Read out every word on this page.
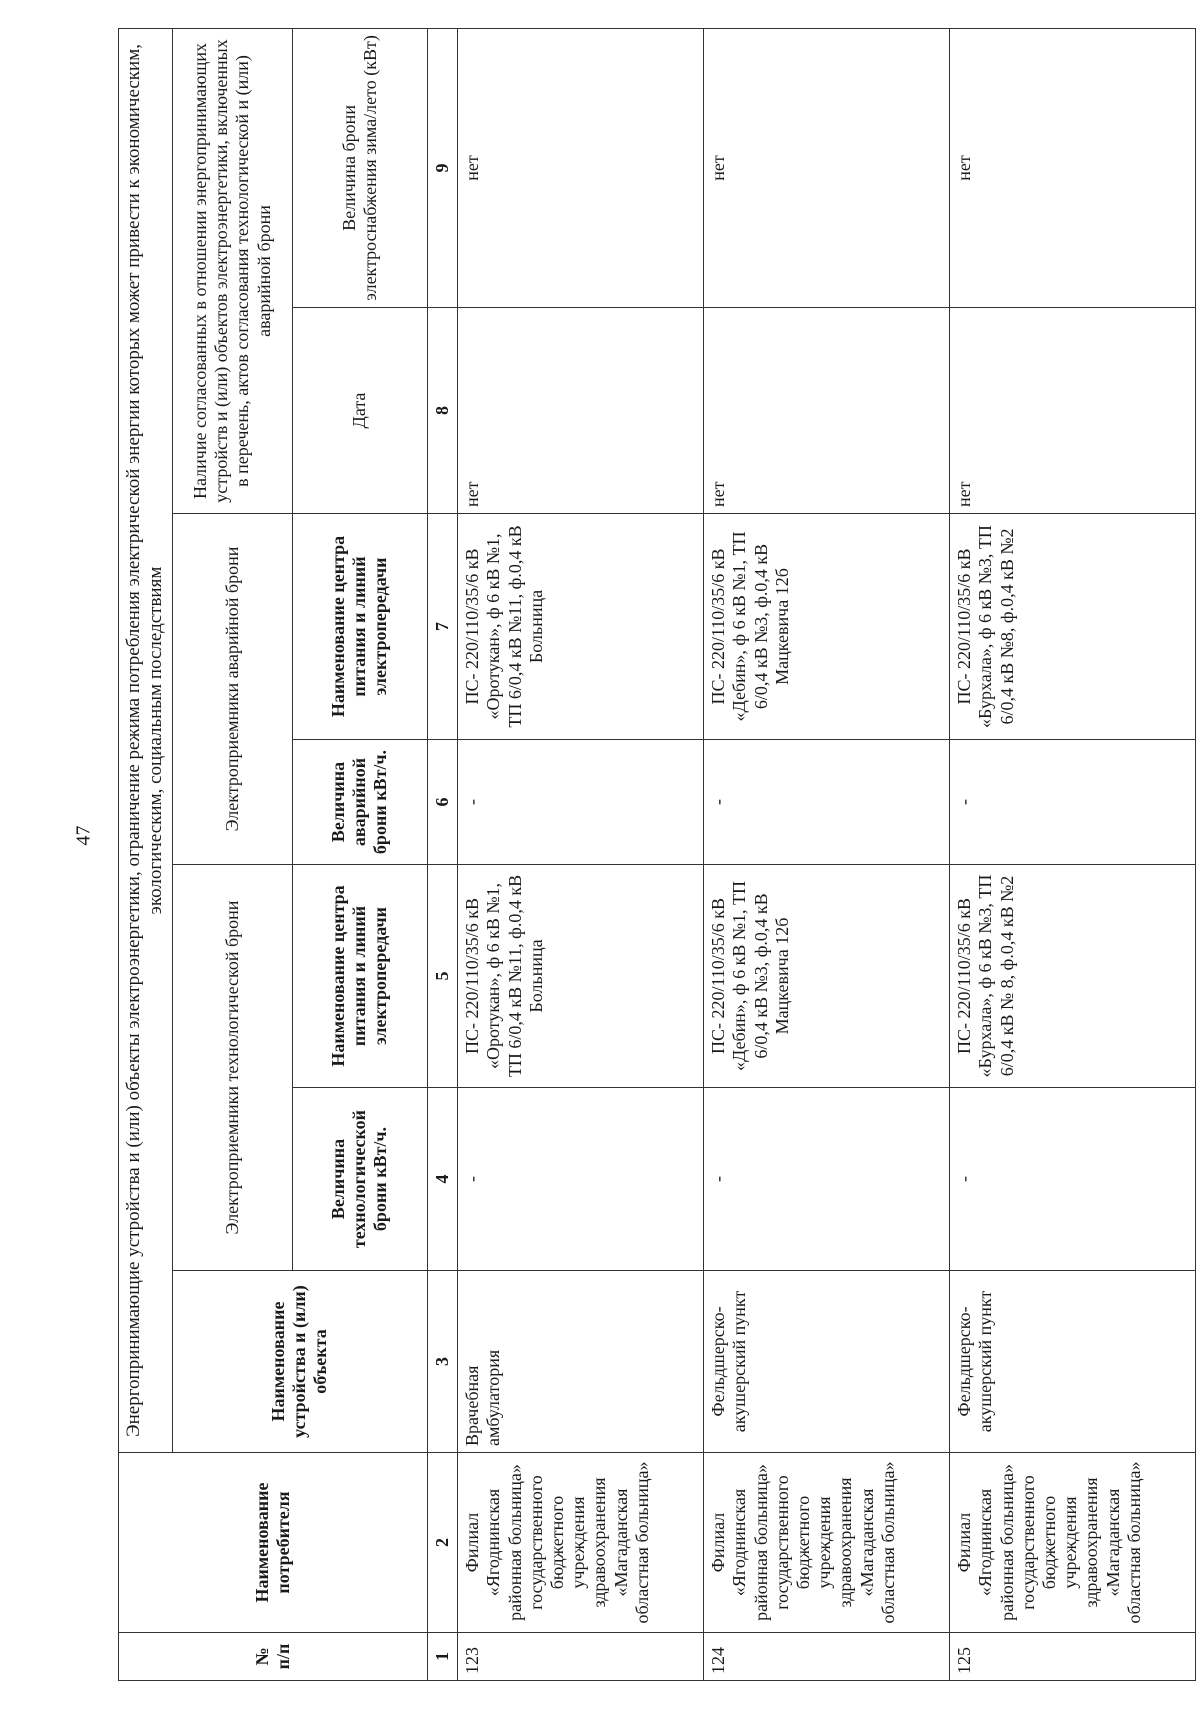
47
№ п/п	Наименование потребителя	Энергопринимающие устройства и (или) объекты электроэнергетики, ограничение режима потребления электрической энергии которых может привести к экономическим, экологическим, социальным последствиям						
		Наименование устройства и (или) объекта	Электроприемники технологической брони		Электроприемники аварийной брони		Наличие согласованных в отношении энергопринимающих устройств и (или) объектов электроэнергетики, включенных в перечень, актов согласования технологической и (или) аварийной брони	
			Величина технологической брони кВт/ч.	Наименование центра питания и линий электропередачи	Величина аварийной брони кВт/ч.	Наименование центра питания и линий электропередачи	Дата	Величина брони электроснабжения зима/лето (кВт)
1	2	3	4	5	6	7	8	9
123	Филиал «Ягоднинская районная больница» государственного бюджетного учреждения здравоохранения «Магаданская областная больница»	Врачебная амбулатория	-	ПС- 220/110/35/6 кВ «Оротукан», ф 6 кВ №1, ТП 6/0,4 кВ №11, ф.0,4 кВ Больница	-	ПС- 220/110/35/6 кВ «Оротукан», ф 6 кВ №1, ТП 6/0,4 кВ №11, ф.0,4 кВ Больница	нет	нет
124	Филиал «Ягоднинская районная больница» государственного бюджетного учреждения здравоохранения «Магаданская областная больница»	Фельдшерско-акушерский пункт	-	ПС- 220/110/35/6 кВ «Дебин», ф 6 кВ №1, ТП 6/0,4 кВ №3, ф.0,4 кВ Мацкевича 12б	-	ПС- 220/110/35/6 кВ «Дебин», ф 6 кВ №1, ТП 6/0,4 кВ №3, ф.0,4 кВ Мацкевича 12б	нет	нет
125	Филиал «Ягоднинская районная больница» государственного бюджетного учреждения здравоохранения «Магаданская областная больница»	Фельдшерско-акушерский пункт	-	ПС- 220/110/35/6 кВ «Бурхала», ф 6 кВ №3, ТП 6/0,4 кВ № 8, ф.0,4 кВ №2	-	ПС- 220/110/35/6 кВ «Бурхала», ф 6 кВ №3, ТП 6/0,4 кВ №8, ф.0,4 кВ №2	нет	нет
